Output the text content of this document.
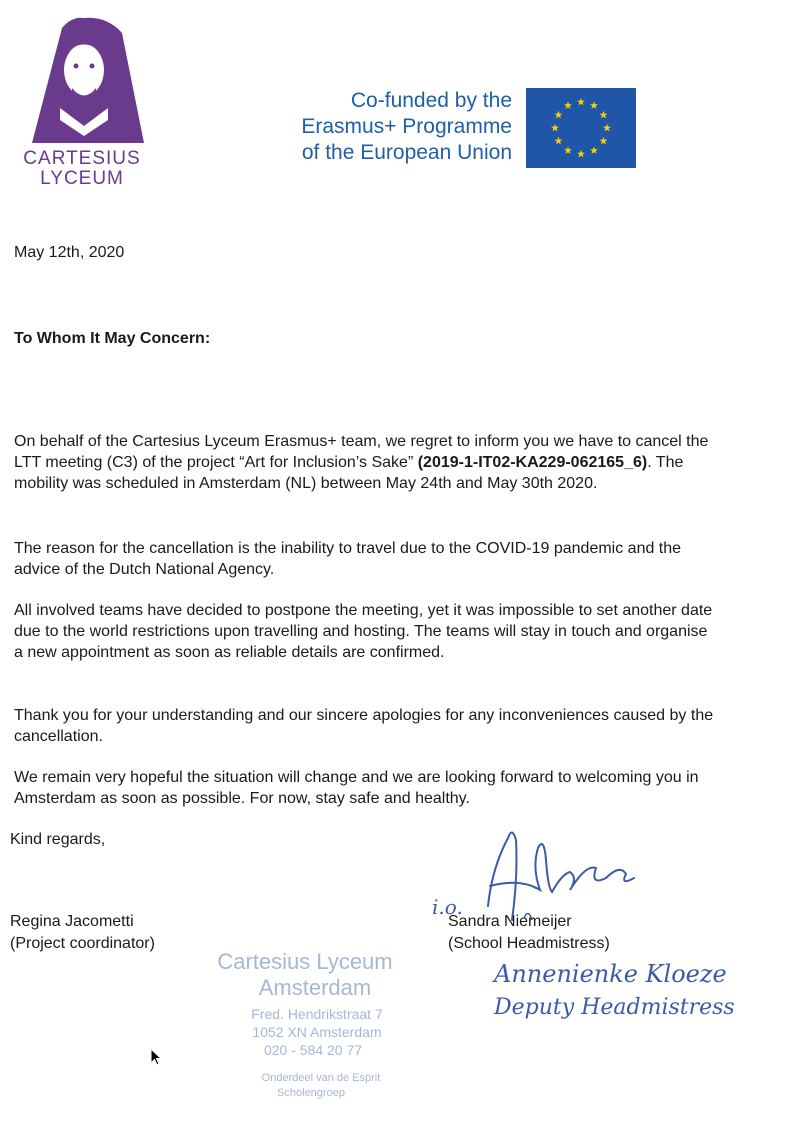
CARTESIUS
LYCEUM
Co-funded by the
Erasmus+ Programme
of the European Union
May 12th, 2020
To Whom It May Concern:
On behalf of the Cartesius Lyceum Erasmus+ team, we regret to inform you we have to cancel the LTT meeting (C3) of the project “Art for Inclusion’s Sake” (2019-1-IT02-KA229-062165_6). The mobility was scheduled in Amsterdam (NL) between May 24th and May 30th 2020.
The reason for the cancellation is the inability to travel due to the COVID-19 pandemic and the advice of the Dutch National Agency.
All involved teams have decided to postpone the meeting, yet it was impossible to set another date due to the world restrictions upon travelling and hosting. The teams will stay in touch and organise a new appointment as soon as reliable details are confirmed.
Thank you for your understanding and our sincere apologies for any inconveniences caused by the cancellation.
We remain very hopeful the situation will change and we are looking forward to welcoming you in Amsterdam as soon as possible. For now, stay safe and healthy.
Kind regards,
i.o.
Regina Jacometti
(Project coordinator)
Sandra Niemeijer
(School Headmistress)
Annenienke Kloeze
Deputy Headmistress
Cartesius Lyceum
Amsterdam
Fred. Hendrikstraat 7
1052 XN Amsterdam
020 - 584 20 77
Onderdeel van de Esprit
Scholengroep
